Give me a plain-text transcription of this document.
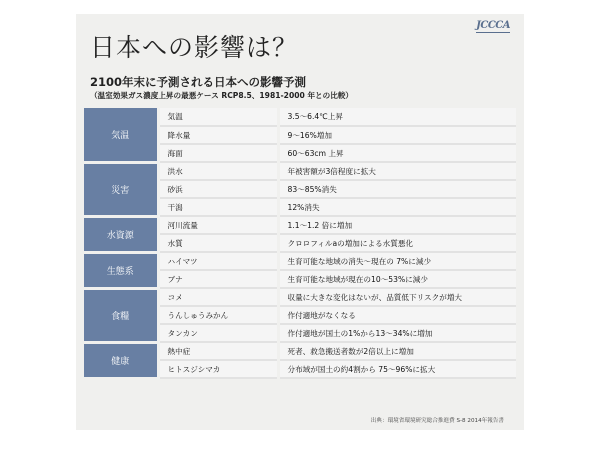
JCCCA
日本への影響は？
2100年末に予測される日本への影響予測
（温室効果ガス濃度上昇の最悪ケース RCP8.5、1981-2000 年との比較）
気温	気温	3.5〜6.4℃上昇
	降水量	9〜16%増加
	海面	60〜63cm 上昇
災害	洪水	年被害額が3倍程度に拡大
	砂浜	83〜85%消失
	干潟	12%消失
水資源	河川流量	1.1〜1.2 倍に増加
	水質	クロロフィルaの増加による水質悪化
生態系	ハイマツ	生育可能な地域の消失〜現在の 7%に減少
	ブナ	生育可能な地域が現在の10〜53%に減少
食糧	コメ	収量に大きな変化はないが、品質低下リスクが増大
	うんしゅうみかん	作付適地がなくなる
	タンカン	作付適地が国土の1%から13〜34%に増加
健康	熱中症	死者、救急搬送者数が2倍以上に増加
	ヒトスジシマカ	分布域が国土の約4割から 75〜96%に拡大
出典：環境省環境研究総合推進費 S-8 2014年報告書
